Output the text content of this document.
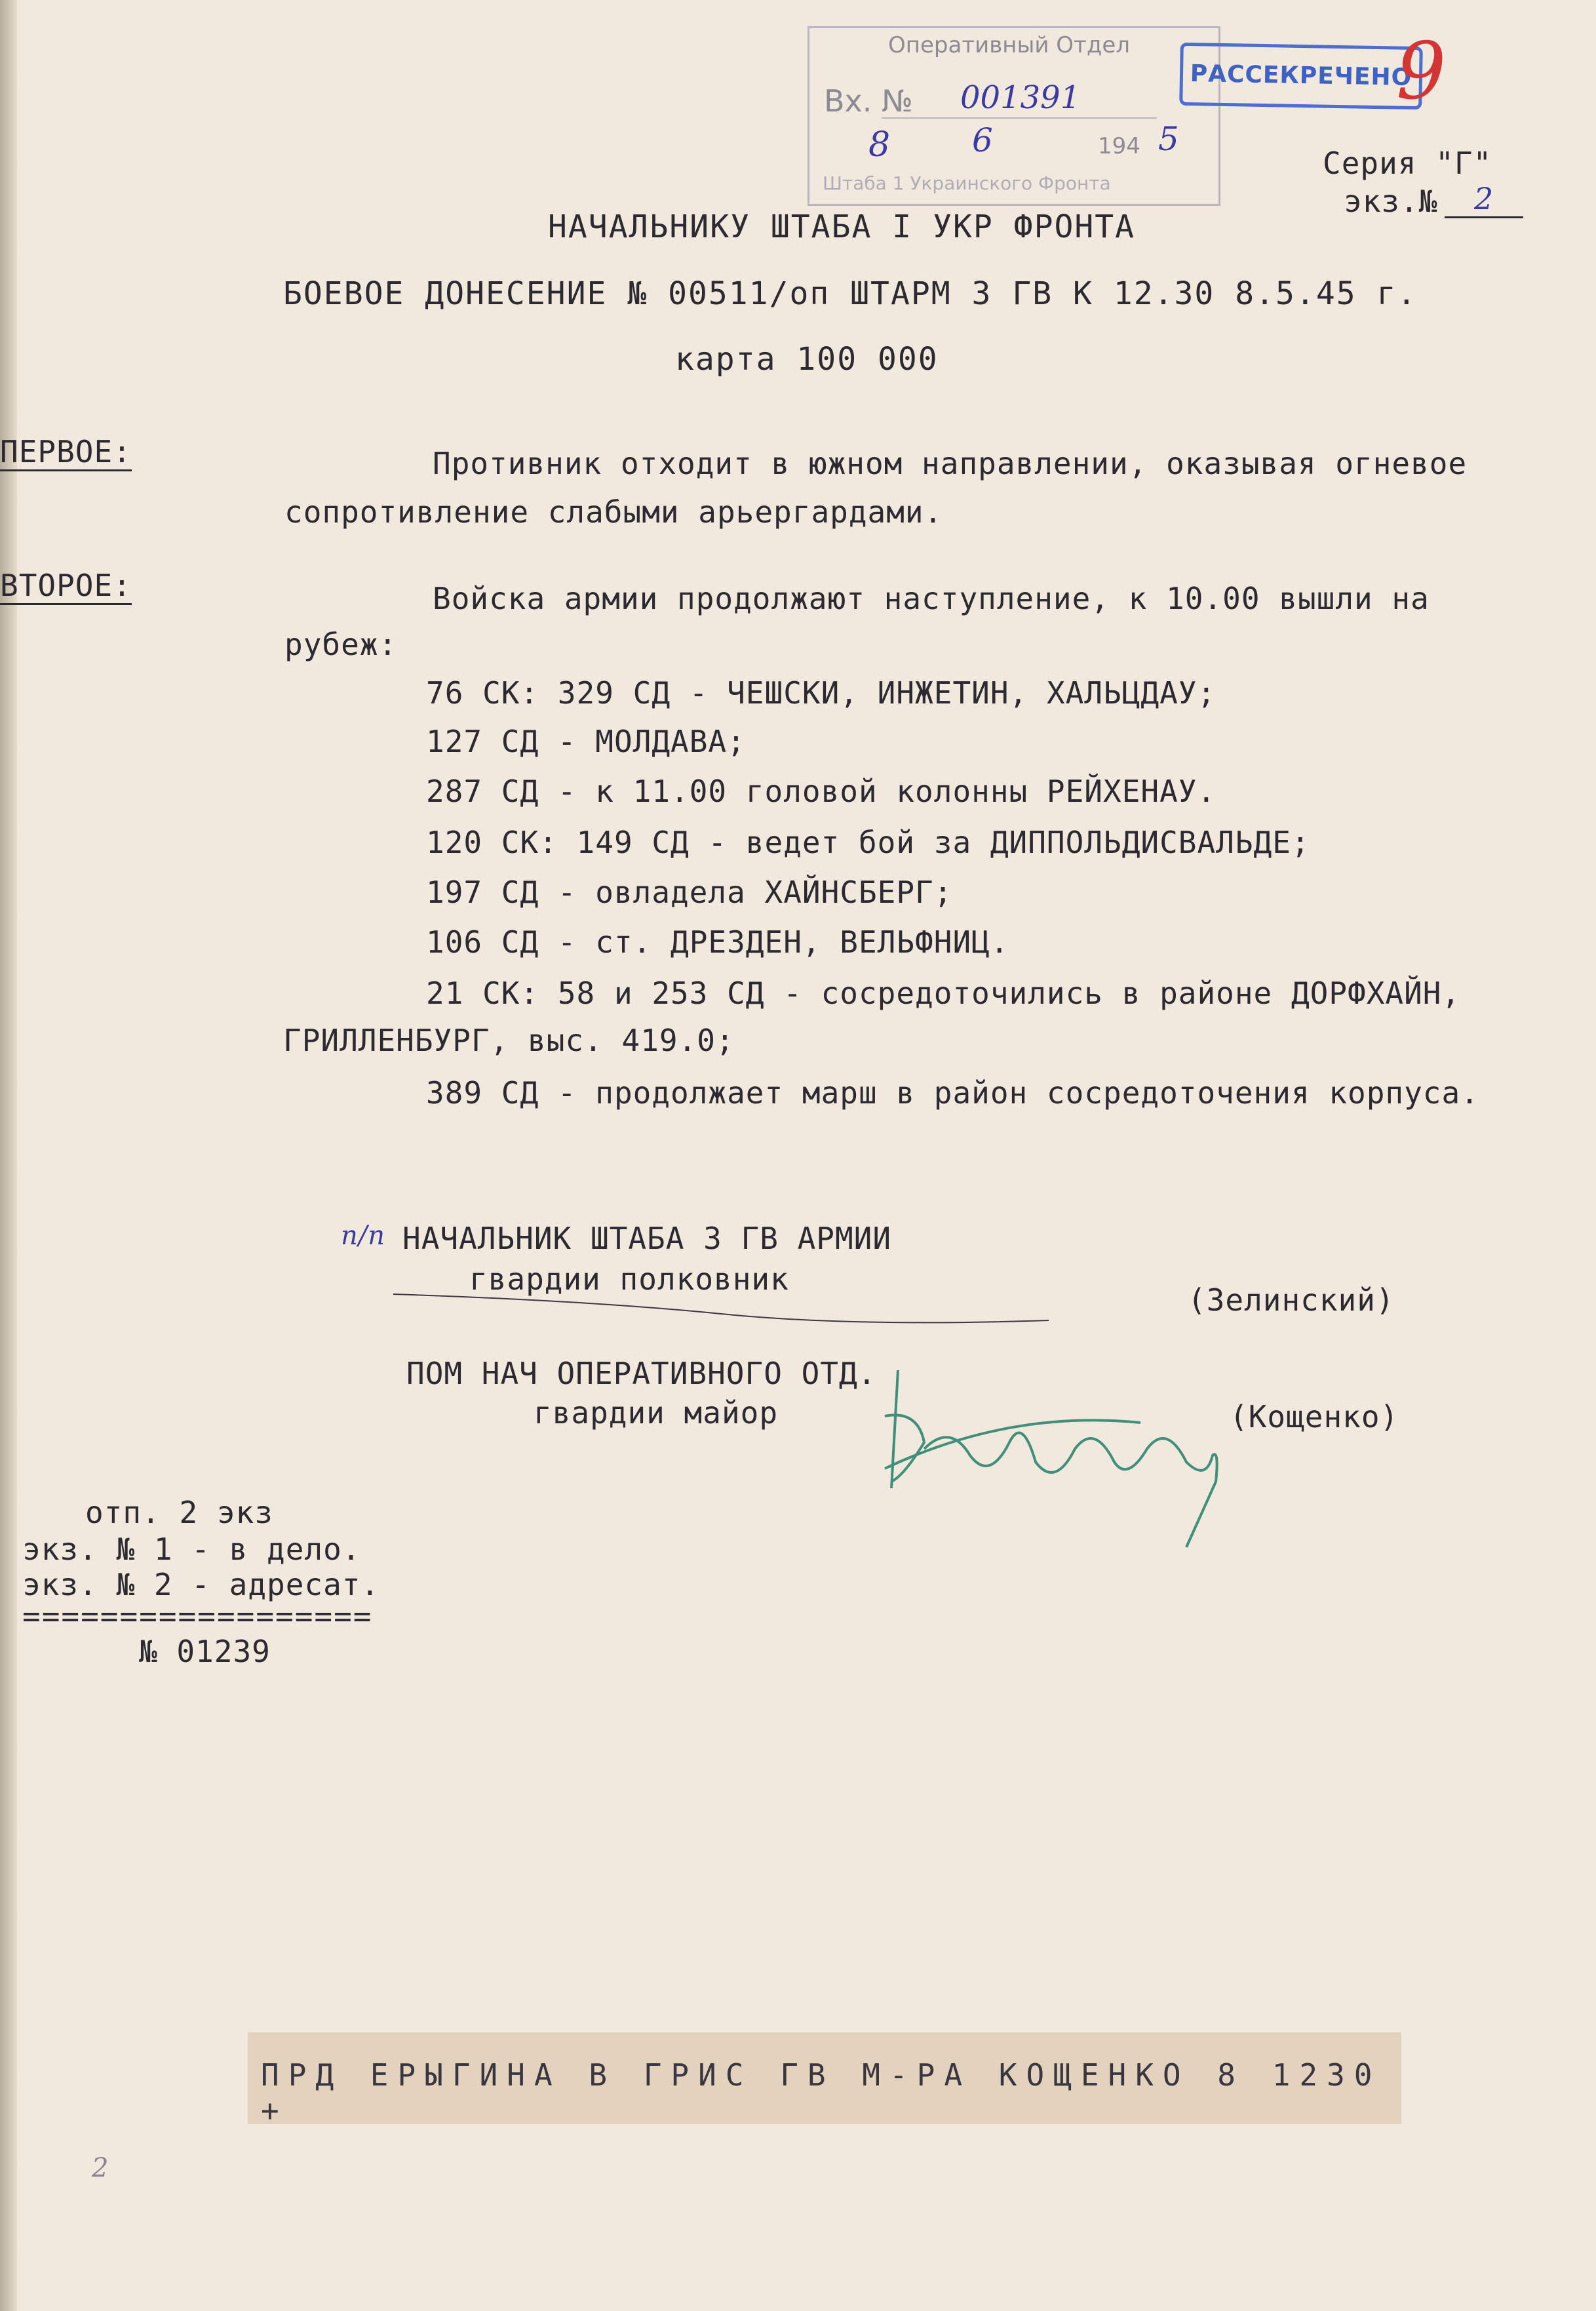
Оперативный Отдел
Вх. № 001391
8 6	194 5
Штаба 1 Украинского Фронта
РАССЕКРЕЧЕНО
9
Серия "Г"
экз.№	2
НАЧАЛЬНИКУ ШТАБА I УКР ФРОНТА
БОЕВОЕ ДОНЕСЕНИЕ № 00511/оп ШТАРМ 3 ГВ К 12.30 8.5.45 г.
карта 100 000
ПЕРВОЕ:	Противник отходит в южном направлении, оказывая огневое
сопротивление слабыми арьергардами.
ВТОРОЕ:	Войска армии продолжают наступление, к 10.00 вышли на
рубеж:
76 СК: 329 СД - ЧЕШСКИ, ИНЖЕТИН, ХАЛЬЦДАУ;
127 СД - МОЛДАВА;
287 СД - к 11.00 головой колонны РЕЙХЕНАУ.
120 СК: 149 СД - ведет бой за ДИППОЛЬДИСВАЛЬДЕ;
197 СД - овладела ХАЙНСБЕРГ;
106 СД - ст. ДРЕЗДЕН, ВЕЛЬФНИЦ.
21 СК: 58 и 253 СД - сосредоточились в районе ДОРФХАЙН,
ГРИЛЛЕНБУРГ, выс. 419.0;
389 СД - продолжает марш в район сосредоточения корпуса.
п/п НАЧАЛЬНИК ШТАБА 3 ГВ АРМИИ
гвардии полковник
(Зелинский)
ПОМ НАЧ ОПЕРАТИВНОГО ОТД.
гвардии майор	(Кощенко)
отп. 2 экз
экз. № 1 - в дело.
экз. № 2 - адресат.
==================
№ 01239
ПРД ЕРЫГИНА В ГРИС ГВ М-РА КОЩЕНКО 8 1230 +
2
